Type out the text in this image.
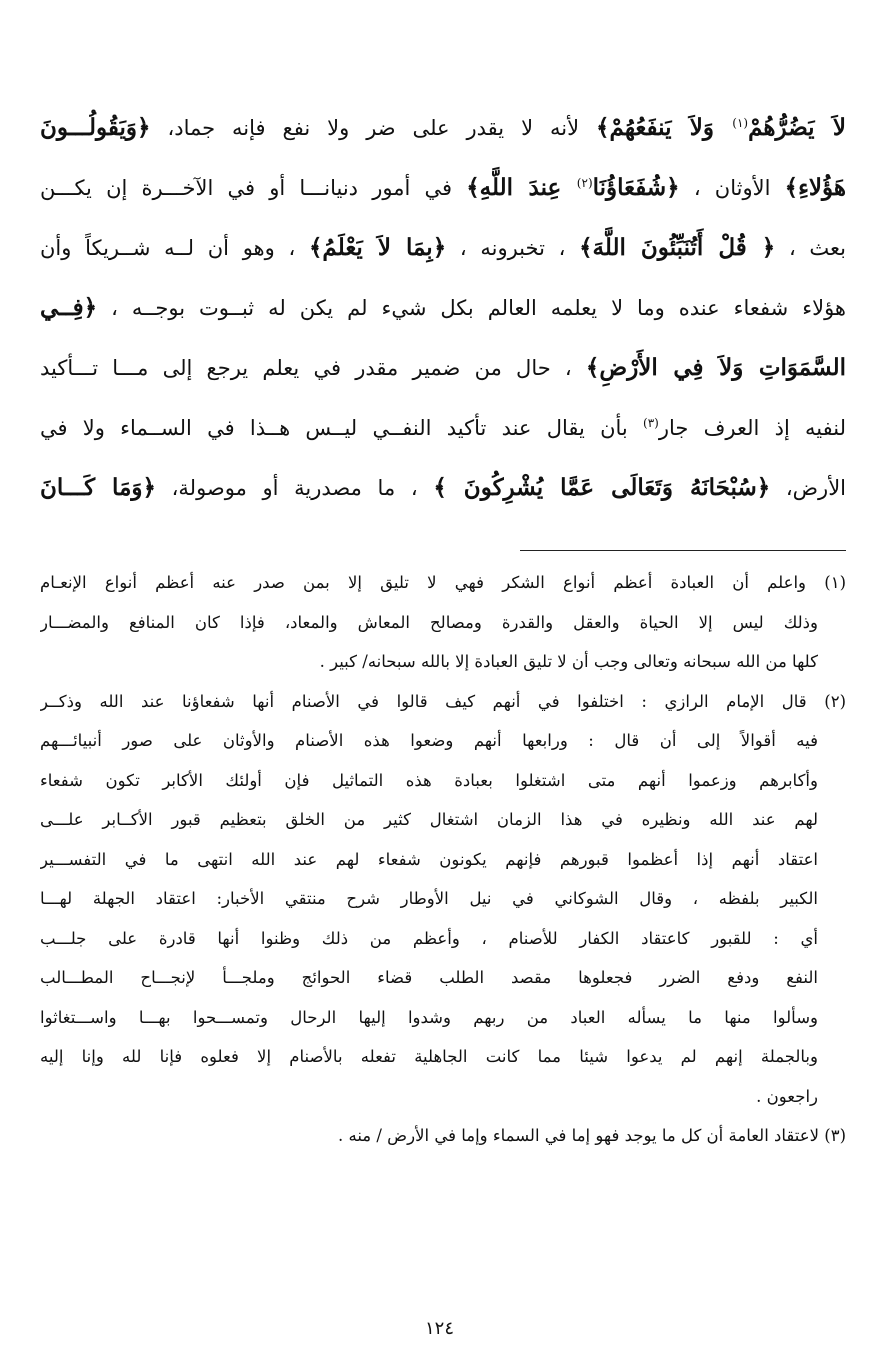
لاَ يَضُرُّهُمْ$^{(١)}$ وَلاَ يَنفَعُهُمْ﴾ لأنه لا يقدر على ضر ولا نفع فإنه جماد، ﴿وَيَقُولُـــونَ
هَؤُلاءِ﴾ الأوثان ، ﴿شُفَعَاؤُنَا$^{(٢)}$ عِندَ اللَّهِ﴾ في أمور دنيانـــا أو في الآخـــرة إن يكـــن
بعث ، ﴿ قُلْ أَتُنَبِّئُونَ اللَّهَ﴾ ، تخبرونه ، ﴿بِمَا لاَ يَعْلَمُ﴾ ، وهو أن لــه شــريكاً وأن
هؤلاء شفعاء عنده وما لا يعلمه العالم بكل شيء لم يكن له ثبــوت بوجــه ، ﴿فِــي
السَّمَوَاتِ وَلاَ فِي الأَرْضِ﴾ ، حال من ضمير مقدر في يعلم يرجع إلى مـــا تـــأكيد
لنفيه إذ العرف جار$^{(٣)}$ بأن يقال عند تأكيد النفــي ليــس هــذا في الســماء ولا في
الأرض، ﴿سُبْحَانَهُ وَتَعَالَى عَمَّا يُشْرِكُونَ ﴾ ، ما مصدرية أو موصولة، ﴿وَمَا كَـــانَ
(١) واعلم أن العبادة أعظم أنواع الشكر فهي لا تليق إلا بمن صدر عنه أعظم أنواع الإنعـام
وذلك ليس إلا الحياة والعقل والقدرة ومصالح المعاش والمعاد، فإذا كان المنافع والمضـــار
كلها من الله سبحانه وتعالى وجب أن لا تليق العبادة إلا بالله سبحانه/ كبير .
(٢) قال الإمام الرازي : اختلفوا في أنهم كيف قالوا في الأصنام أنها شفعاؤنا عند الله وذكــر
فيه أقوالاً إلى أن قال : ورابعها أنهم وضعوا هذه الأصنام والأوثان على صور أنبيائـــهم
وأكابرهم وزعموا أنهم متى اشتغلوا بعبادة هذه التماثيل فإن أولئك الأكابر تكون شفعاء
لهم عند الله ونظيره في هذا الزمان اشتغال كثير من الخلق بتعظيم قبور الأكــابر علـــى
اعتقاد أنهم إذا أعظموا قبورهم فإنهم يكونون شفعاء لهم عند الله انتهى ما في التفســـير
الكبير بلفظه ، وقال الشوكاني في نيل الأوطار شرح منتقي الأخبار: اعتقاد الجهلة لهـــا
أي : للقبور كاعتقاد الكفار للأصنام ، وأعظم من ذلك وظنوا أنها قادرة على جلـــب
النفع ودفع الضرر فجعلوها مقصد الطلب قضاء الحوائج وملجـــأ لإنجـــاح المطـــالب
وسألوا منها ما يسأله العباد من ربهم وشدوا إليها الرحال وتمســـحوا بهـــا واســـتغاثوا
وبالجملة إنهم لم يدعوا شيئا مما كانت الجاهلية تفعله بالأصنام إلا فعلوه فإنا لله وإنا إليه
راجعون .
(٣) لاعتقاد العامة أن كل ما يوجد فهو إما في السماء وإما في الأرض / منه .
١٢٤
